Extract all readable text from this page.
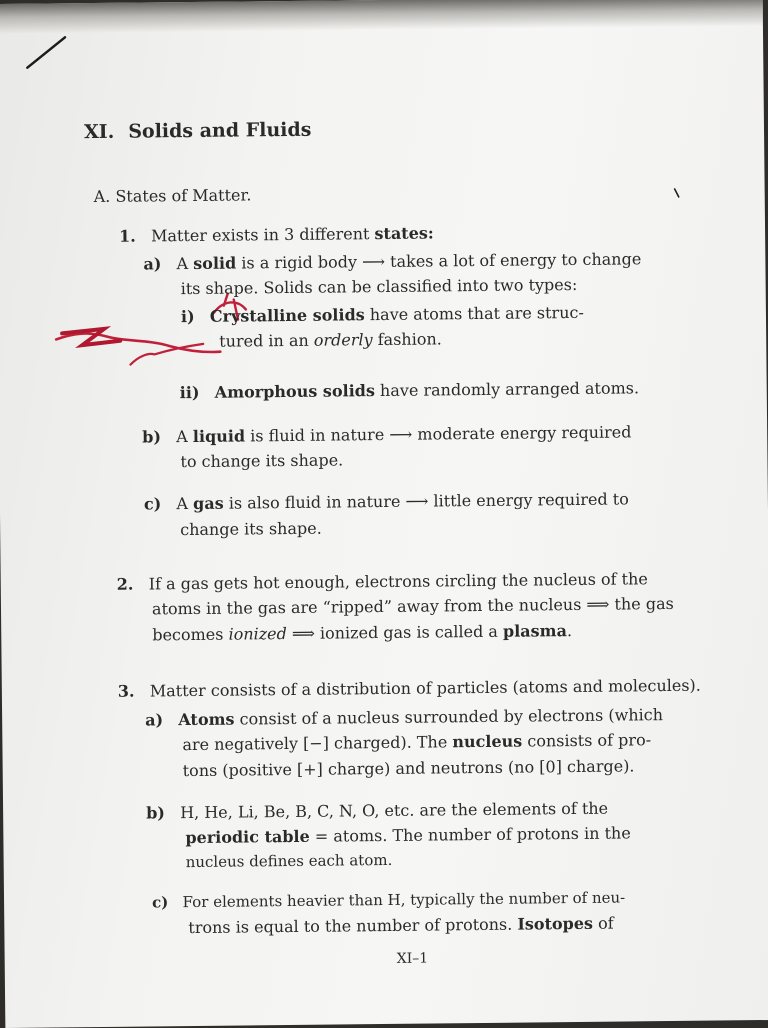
XI. Solids and Fluids
A. States of Matter.
1. Matter exists in 3 different states:
a) A solid is a rigid body ⟶ takes a lot of energy to change
its shape. Solids can be classified into two types:
i) Crystalline solids have atoms that are struc-
tured in an orderly fashion.
ii) Amorphous solids have randomly arranged atoms.
b) A liquid is fluid in nature ⟶ moderate energy required
to change its shape.
c) A gas is also fluid in nature ⟶ little energy required to
change its shape.
2. If a gas gets hot enough, electrons circling the nucleus of the
atoms in the gas are “ripped” away from the nucleus ⟹ the gas
becomes ionized ⟹ ionized gas is called a plasma.
3. Matter consists of a distribution of particles (atoms and molecules).
a) Atoms consist of a nucleus surrounded by electrons (which
are negatively [−] charged). The nucleus consists of pro-
tons (positive [+] charge) and neutrons (no [0] charge).
b) H, He, Li, Be, B, C, N, O, etc. are the elements of the
periodic table = atoms. The number of protons in the
nucleus defines each atom.
c) For elements heavier than H, typically the number of neu-
trons is equal to the number of protons. Isotopes of
XI–1
